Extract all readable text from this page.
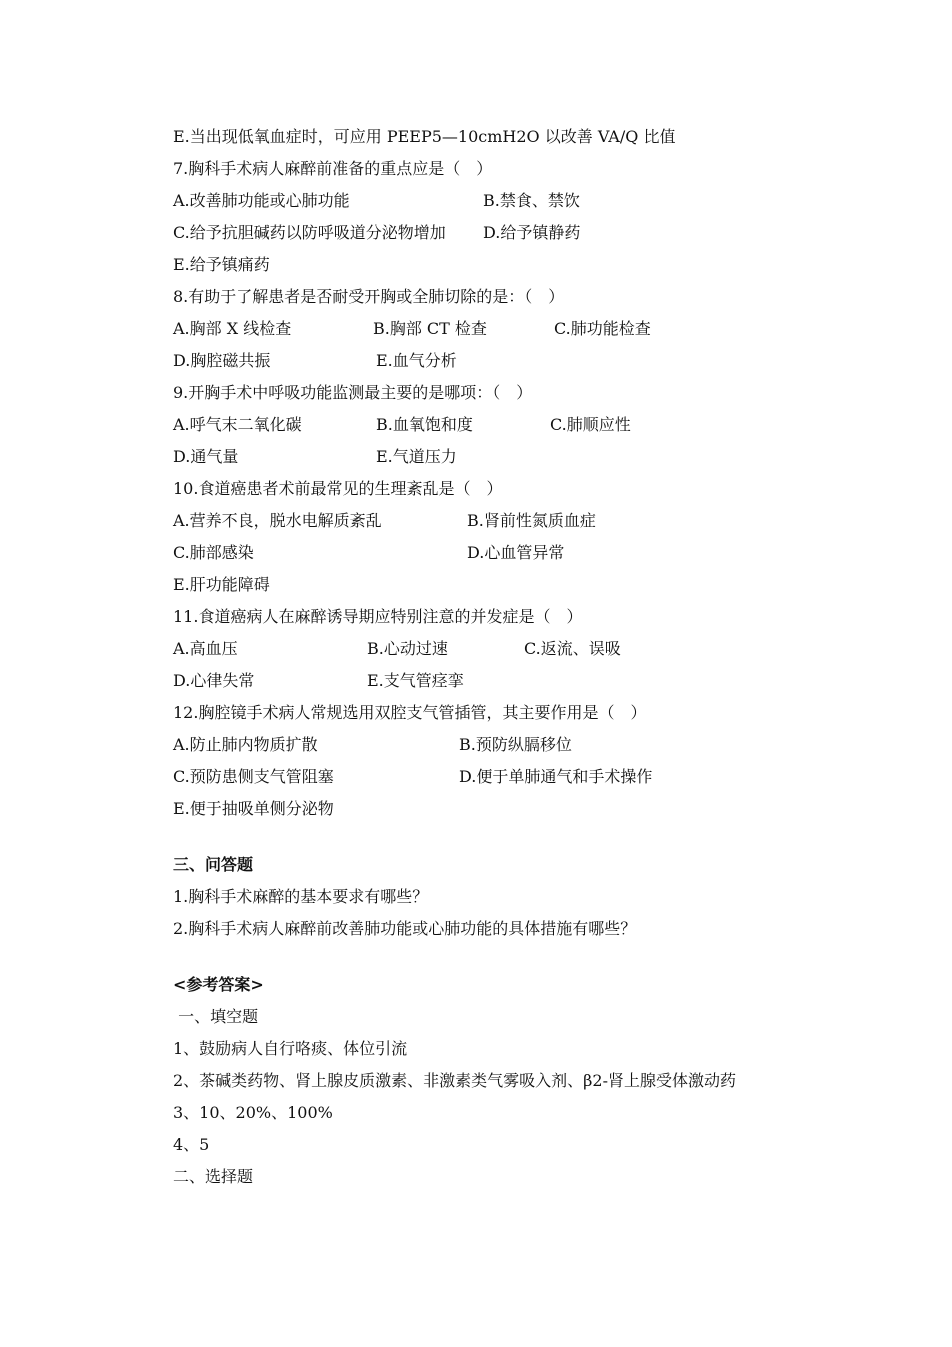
E.当出现低氧血症时，可应用 PEEP5—10cmH2O 以改善 VA/Q 比值
7.胸科手术病人麻醉前准备的重点应是（　）
A.改善肺功能或心肺功能	B.禁食、禁饮
C.给予抗胆碱药以防呼吸道分泌物增加 D.给予镇静药
E.给予镇痛药
8.有助于了解患者是否耐受开胸或全肺切除的是：（　）
A.胸部 X 线检查	B.胸部 CT 检查	C.肺功能检查
D.胸腔磁共振	E.血气分析
9.开胸手术中呼吸功能监测最主要的是哪项：（　）
A.呼气末二氧化碳	B.血氧饱和度	C.肺顺应性
D.通气量	E.气道压力
10.食道癌患者术前最常见的生理紊乱是（　）
A.营养不良，脱水电解质紊乱	B.肾前性氮质血症
C.肺部感染	D.心血管异常
E.肝功能障碍
11.食道癌病人在麻醉诱导期应特别注意的并发症是（　）
A.高血压	B.心动过速	C.返流、误吸
D.心律失常	E.支气管痉挛
12.胸腔镜手术病人常规选用双腔支气管插管，其主要作用是（　）
A.防止肺内物质扩散	B.预防纵膈移位
C.预防患侧支气管阻塞	D.便于单肺通气和手术操作
E.便于抽吸单侧分泌物
三、问答题
1.胸科手术麻醉的基本要求有哪些？
2.胸科手术病人麻醉前改善肺功能或心肺功能的具体措施有哪些？
<参考答案>
一、填空题
1、鼓励病人自行咯痰、体位引流
2、茶碱类药物、肾上腺皮质激素、非激素类气雾吸入剂、β2-肾上腺受体激动药
3、10、20%、100%
4、5
二、选择题
